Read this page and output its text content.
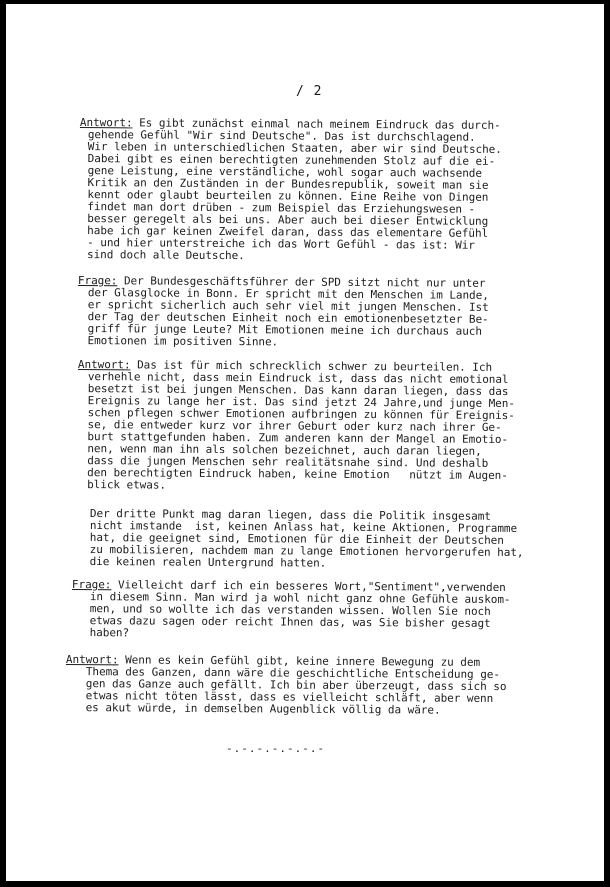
/ 2
Antwort: Es gibt zunächst einmal nach meinem Eindruck das durch-
gehende Gefühl "Wir sind Deutsche". Das ist durchschlagend.
Wir leben in unterschiedlichen Staaten, aber wir sind Deutsche.
Dabei gibt es einen berechtigten zunehmenden Stolz auf die ei-
gene Leistung, eine verständliche, wohl sogar auch wachsende
Kritik an den Zuständen in der Bundesrepublik, soweit man sie
kennt oder glaubt beurteilen zu können. Eine Reihe von Dingen
findet man dort drüben - zum Beispiel das Erziehungswesen -
besser geregelt als bei uns. Aber auch bei dieser Entwicklung
habe ich gar keinen Zweifel daran, dass das elementare Gefühl
- und hier unterstreiche ich das Wort Gefühl - das ist: Wir
sind doch alle Deutsche.
Frage: Der Bundesgeschäftsführer der SPD sitzt nicht nur unter
der Glasglocke in Bonn. Er spricht mit den Menschen im Lande,
er spricht sicherlich auch sehr viel mit jungen Menschen. Ist
der Tag der deutschen Einheit noch ein emotionenbesetzter Be-
griff für junge Leute? Mit Emotionen meine ich durchaus auch
Emotionen im positiven Sinne.
Antwort: Das ist für mich schrecklich schwer zu beurteilen. Ich
verhehle nicht, dass mein Eindruck ist, dass das nicht emotional
besetzt ist bei jungen Menschen. Das kann daran liegen, dass das
Ereignis zu lange her ist. Das sind jetzt 24 Jahre,und junge Men-
schen pflegen schwer Emotionen aufbringen zu können für Ereignis-
se, die entweder kurz vor ihrer Geburt oder kurz nach ihrer Ge-
burt stattgefunden haben. Zum anderen kann der Mangel an Emotio-
nen, wenn man ihn als solchen bezeichnet, auch daran liegen,
dass die jungen Menschen sehr realitätsnahe sind. Und deshalb
den berechtigten Eindruck haben, keine Emotion   nützt im Augen-
blick etwas.
Der dritte Punkt mag daran liegen, dass die Politik insgesamt
nicht imstande  ist, keinen Anlass hat, keine Aktionen, Programme
hat, die geeignet sind, Emotionen für die Einheit der Deutschen
zu mobilisieren, nachdem man zu lange Emotionen hervorgerufen hat,
die keinen realen Untergrund hatten.
Frage: Vielleicht darf ich ein besseres Wort,"Sentiment",verwenden
in diesem Sinn. Man wird ja wohl nicht ganz ohne Gefühle auskom-
men, und so wollte ich das verstanden wissen. Wollen Sie noch
etwas dazu sagen oder reicht Ihnen das, was Sie bisher gesagt
haben?
Antwort: Wenn es kein Gefühl gibt, keine innere Bewegung zu dem
Thema des Ganzen, dann wäre die geschichtliche Entscheidung ge-
gen das Ganze auch gefällt. Ich bin aber überzeugt, dass sich so
etwas nicht töten lässt, dass es vielleicht schläft, aber wenn
es akut würde, in demselben Augenblick völlig da wäre.
-.-.-.-.-.-.-
